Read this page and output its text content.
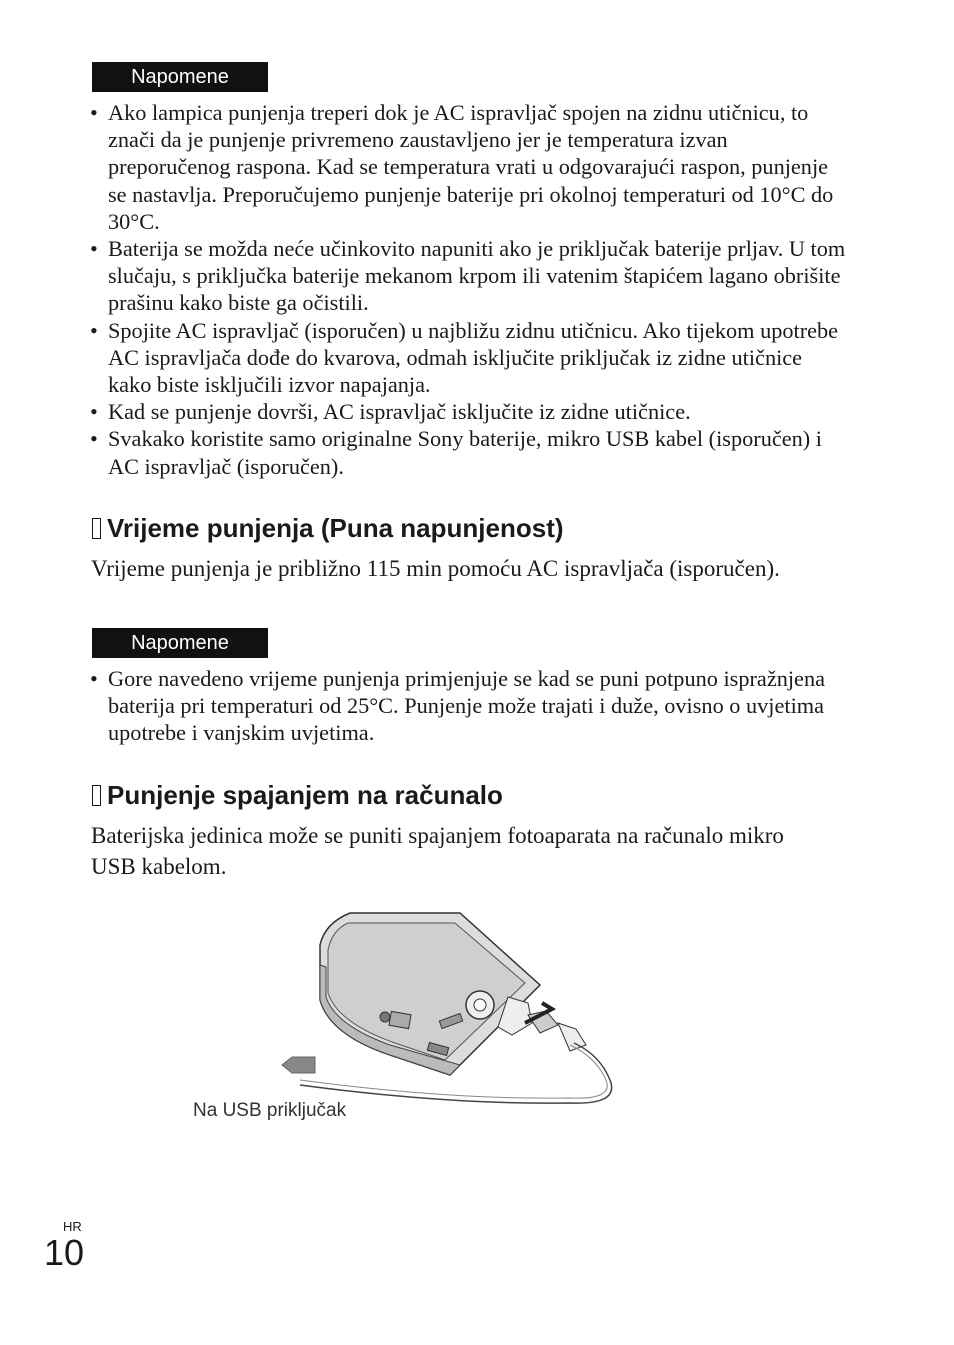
Napomene
• Ako lampica punjenja treperi dok je AC ispravljač spojen na zidnu utičnicu, to znači da je punjenje privremeno zaustavljeno jer je temperatura izvan preporučenog raspona. Kad se temperatura vrati u odgovarajući raspon, punjenje se nastavlja. Preporučujemo punjenje baterije pri okolnoj temperaturi od 10°C do 30°C.
• Baterija se možda neće učinkovito napuniti ako je priključak baterije prljav. U tom slučaju, s priključka baterije mekanom krpom ili vatenim štapićem lagano obrišite prašinu kako biste ga očistili.
• Spojite AC ispravljač (isporučen) u najbližu zidnu utičnicu. Ako tijekom upotrebe AC ispravljača dođe do kvarova, odmah isključite priključak iz zidne utičnice kako biste isključili izvor napajanja.
• Kad se punjenje dovrši, AC ispravljač isključite iz zidne utičnice.
• Svakako koristite samo originalne Sony baterije, mikro USB kabel (isporučen) i AC ispravljač (isporučen).
Vrijeme punjenja (Puna napunjenost)

Vrijeme punjenja je približno 115 min pomoću AC ispravljača (isporučen).

Napomene
• Gore navedeno vrijeme punjenja primjenjuje se kad se puni potpuno ispražnjena baterija pri temperaturi od 25°C. Punjenje može trajati i duže, ovisno o uvjetima upotrebe i vanjskim uvjetima.
Punjenje spajanjem na računalo

Baterijska jedinica može se puniti spajanjem fotoaparata na računalo mikro USB kabelom.

Na USB priključak
HR
10
